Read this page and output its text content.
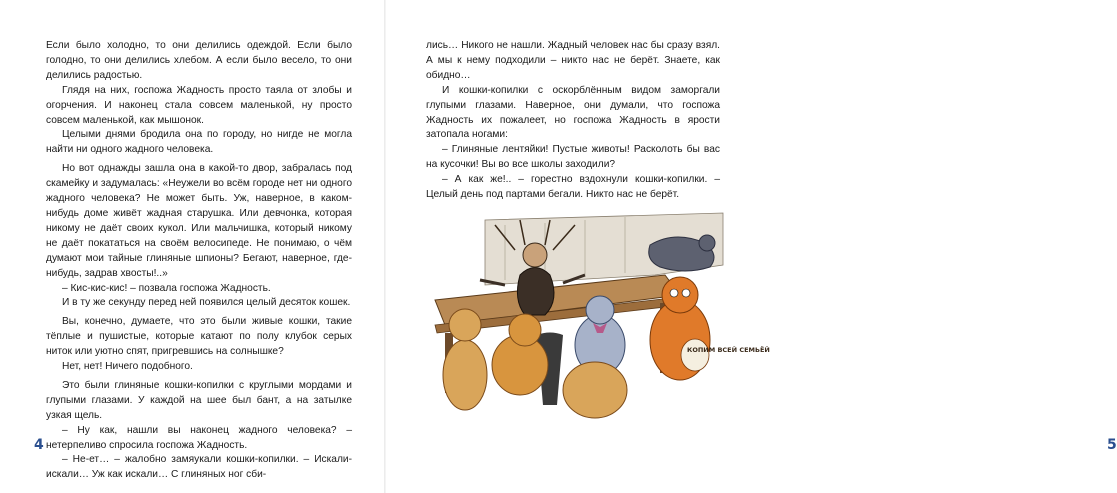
Если было холодно, то они делились одеждой. Если было голодно, то они делились хлебом. А если было весело, то они делились радостью.

Глядя на них, госпожа Жадность просто таяла от злобы и огорчения. И наконец стала совсем маленькой, ну просто совсем маленькой, как мышонок.

Целыми днями бродила она по городу, но нигде не могла найти ни одного жадного человека.

Но вот однажды зашла она в какой-то двор, забралась под скамейку и задумалась: «Неужели во всём городе нет ни одного жадного человека? Не может быть. Уж, наверное, в каком-нибудь доме живёт жадная старушка. Или девчонка, которая никому не даёт своих кукол. Или мальчишка, который никому не даёт покататься на своём велосипеде. Не понимаю, о чём думают мои тайные глиняные шпионы? Бегают, наверное, где-нибудь, задрав хвосты!..»

– Кис-кис-кис! – позвала госпожа Жадность.

И в ту же секунду перед ней появился целый десяток кошек.

Вы, конечно, думаете, что это были живые кошки, такие тёплые и пушистые, которые катают по полу клубок серых ниток или уютно спят, пригревшись на солнышке?

Нет, нет! Ничего подобного.

Это были глиняные кошки-копилки с круглыми мордами и глупыми глазами. У каждой на шее был бант, а на затылке узкая щель.

– Ну как, нашли вы наконец жадного человека? – нетерпеливо спросила госпожа Жадность.

– Не-ет… – жалобно замяукали кошки-копилки. – Искали-искали… Уж как искали… С глиняных ног сби-

4	5

лись… Никого не нашли. Жадный человек нас бы сразу взял. А мы к нему подходили – никто нас не берёт. Знаете, как обидно…

И кошки-копилки с оскорблённым видом заморгали глупыми глазами. Наверное, они думали, что госпожа Жадность их пожалеет, но госпожа Жадность в ярости затопала ногами:

– Глиняные лентяйки! Пустые животы! Расколоть бы вас на кусочки! Вы во все школы заходили?

– А как же!.. – горестно вздохнули кошки-копилки. – Целый день под партами бегали. Никто нас не берёт.

КОПИМ ВСЕЙ СЕМЬЁЙ
